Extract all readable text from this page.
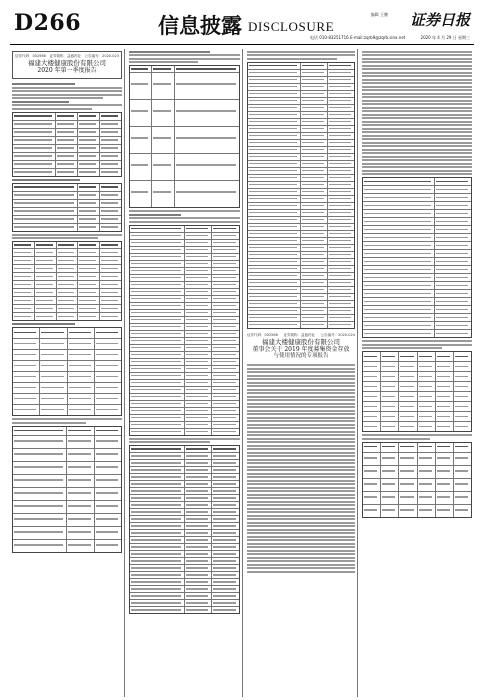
D266	信息披露 DISCLOSURE
编辑 王鹏 证券日报
电话 010-83251716 E-mail:zqrb9@zqrb.sina.net	2020 年 4 月 29 日 星期三
证券代码：002566 证券简称：益盛药业 公告编号：2020-023
福建大楼健康股份有限公司
2020 年第一季度报告
证券代码：002566 证券简称：益盛药业 公告编号：2020-024
福建大楼健康股份有限公司
董事会关于 2019 年度募集资金存放
与使用情况的专项报告
